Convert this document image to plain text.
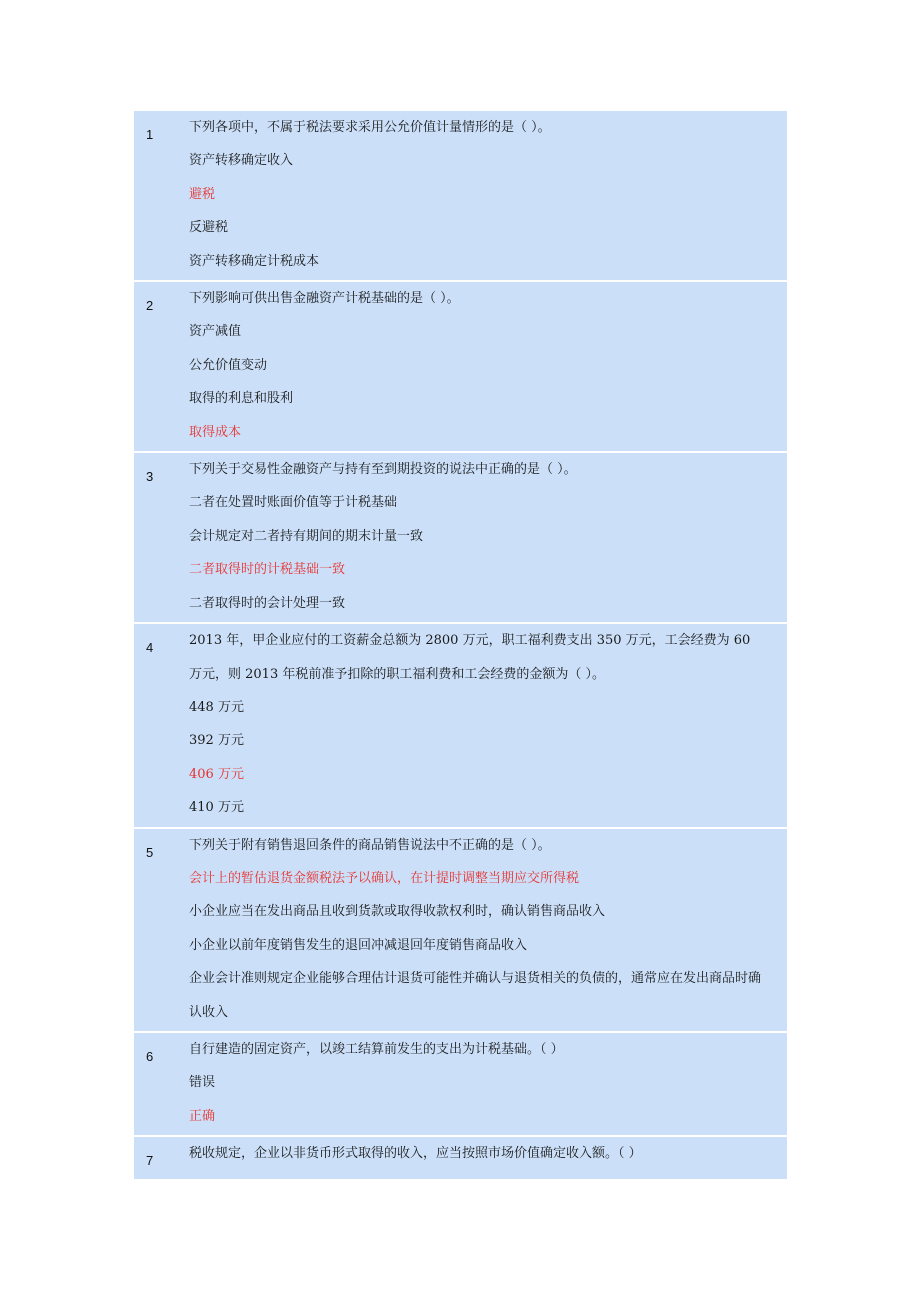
1	下列各项中，不属于税法要求采用公允价值计量情形的是（ ）。
资产转移确定收入
避税
反避税
资产转移确定计税成本
2	下列影响可供出售金融资产计税基础的是（ ）。
资产减值
公允价值变动
取得的利息和股利
取得成本
3	下列关于交易性金融资产与持有至到期投资的说法中正确的是（ ）。
二者在处置时账面价值等于计税基础
会计规定对二者持有期间的期末计量一致
二者取得时的计税基础一致
二者取得时的会计处理一致
4	2013 年，甲企业应付的工资薪金总额为 2800 万元，职工福利费支出 350 万元，工会经费为 60 万元，则 2013 年税前准予扣除的职工福利费和工会经费的金额为（ ）。
448 万元
392 万元
406 万元
410 万元
5	下列关于附有销售退回条件的商品销售说法中不正确的是（ ）。
会计上的暂估退货金额税法予以确认，在计提时调整当期应交所得税
小企业应当在发出商品且收到货款或取得收款权利时，确认销售商品收入
小企业以前年度销售发生的退回冲减退回年度销售商品收入
企业会计准则规定企业能够合理估计退货可能性并确认与退货相关的负债的，通常应在发出商品时确认收入
6	自行建造的固定资产，以竣工结算前发生的支出为计税基础。（ ）
错误
正确
7	税收规定，企业以非货币形式取得的收入，应当按照市场价值确定收入额。（ ）
